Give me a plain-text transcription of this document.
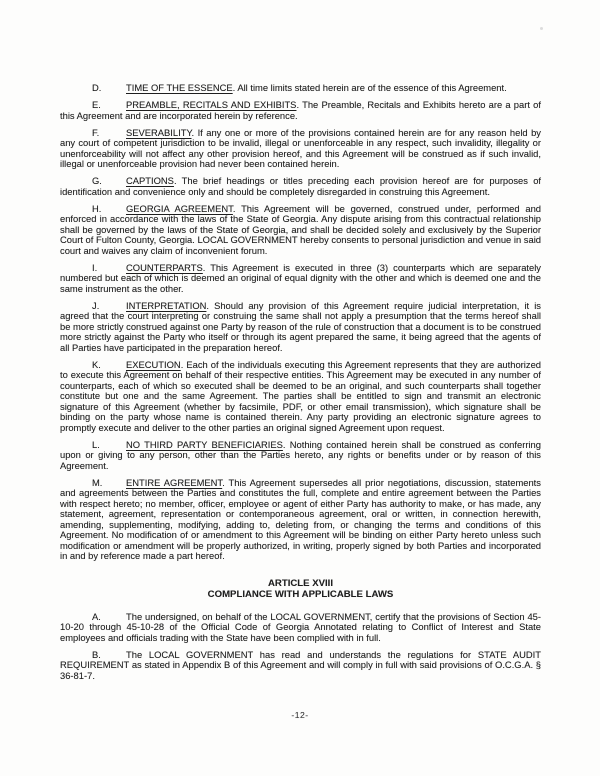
D.	TIME OF THE ESSENCE. All time limits stated herein are of the essence of this Agreement.

E.	PREAMBLE, RECITALS AND EXHIBITS. The Preamble, Recitals and Exhibits hereto are a part of this Agreement and are incorporated herein by reference.

F.	SEVERABILITY. If any one or more of the provisions contained herein are for any reason held by any court of competent jurisdiction to be invalid, illegal or unenforceable in any respect, such invalidity, illegality or unenforceability will not affect any other provision hereof, and this Agreement will be construed as if such invalid, illegal or unenforceable provision had never been contained herein.

G.	CAPTIONS. The brief headings or titles preceding each provision hereof are for purposes of identification and convenience only and should be completely disregarded in construing this Agreement.

H.	GEORGIA AGREEMENT. This Agreement will be governed, construed under, performed and enforced in accordance with the laws of the State of Georgia. Any dispute arising from this contractual relationship shall be governed by the laws of the State of Georgia, and shall be decided solely and exclusively by the Superior Court of Fulton County, Georgia. LOCAL GOVERNMENT hereby consents to personal jurisdiction and venue in said court and waives any claim of inconvenient forum.

I.	COUNTERPARTS. This Agreement is executed in three (3) counterparts which are separately numbered but each of which is deemed an original of equal dignity with the other and which is deemed one and the same instrument as the other.

J.	INTERPRETATION. Should any provision of this Agreement require judicial interpretation, it is agreed that the court interpreting or construing the same shall not apply a presumption that the terms hereof shall be more strictly construed against one Party by reason of the rule of construction that a document is to be construed more strictly against the Party who itself or through its agent prepared the same, it being agreed that the agents of all Parties have participated in the preparation hereof.

K.	EXECUTION. Each of the individuals executing this Agreement represents that they are authorized to execute this Agreement on behalf of their respective entities. This Agreement may be executed in any number of counterparts, each of which so executed shall be deemed to be an original, and such counterparts shall together constitute but one and the same Agreement. The parties shall be entitled to sign and transmit an electronic signature of this Agreement (whether by facsimile, PDF, or other email transmission), which signature shall be binding on the party whose name is contained therein. Any party providing an electronic signature agrees to promptly execute and deliver to the other parties an original signed Agreement upon request.

L.	NO THIRD PARTY BENEFICIARIES. Nothing contained herein shall be construed as conferring upon or giving to any person, other than the Parties hereto, any rights or benefits under or by reason of this Agreement.

M.	ENTIRE AGREEMENT. This Agreement supersedes all prior negotiations, discussion, statements and agreements between the Parties and constitutes the full, complete and entire agreement between the Parties with respect hereto; no member, officer, employee or agent of either Party has authority to make, or has made, any statement, agreement, representation or contemporaneous agreement, oral or written, in connection herewith, amending, supplementing, modifying, adding to, deleting from, or changing the terms and conditions of this Agreement. No modification of or amendment to this Agreement will be binding on either Party hereto unless such modification or amendment will be properly authorized, in writing, properly signed by both Parties and incorporated in and by reference made a part hereof.

ARTICLE XVIII
COMPLIANCE WITH APPLICABLE LAWS

A.	The undersigned, on behalf of the LOCAL GOVERNMENT, certify that the provisions of Section 45-10-20 through 45-10-28 of the Official Code of Georgia Annotated relating to Conflict of Interest and State employees and officials trading with the State have been complied with in full.

B.	The LOCAL GOVERNMENT has read and understands the regulations for STATE AUDIT REQUIREMENT as stated in Appendix B of this Agreement and will comply in full with said provisions of O.C.G.A. § 36-81-7.

-12-
